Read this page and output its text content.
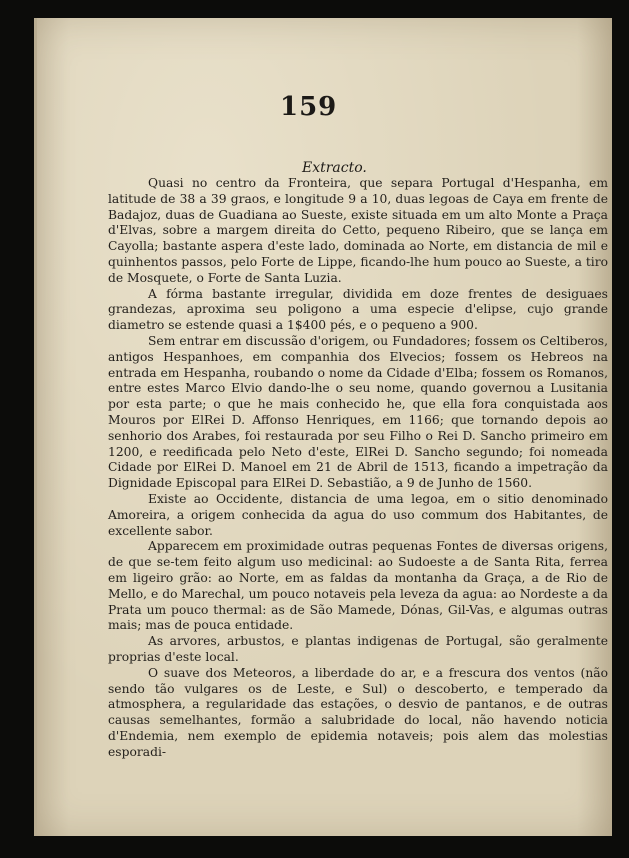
159
Extracto.

Quasi no centro da Fronteira, que separa Portugal d'Hespanha, em latitude de 38 a 39 graos, e longitude 9 a 10, duas legoas de Caya em frente de Badajoz, duas de Guadiana ao Sueste, existe situada em um alto Monte a Praça d'Elvas, sobre a margem direita do Cetto, pequeno Ribeiro, que se lança em Cayolla; bastante aspera d'este lado, dominada ao Norte, em distancia de mil e quinhentos passos, pelo Forte de Lippe, ficando-lhe hum pouco ao Sueste, a tiro de Mosquete, o Forte de Santa Luzia.

A fórma bastante irregular, dividida em doze frentes de desiguaes grandezas, aproxima seu poligono a uma especie d'elipse, cujo grande diametro se estende quasi a 1$400 pés, e o pequeno a 900.

Sem entrar em discussão d'origem, ou Fundadores; fossem os Celtiberos, antigos Hespanhoes, em companhia dos Elvecios; fossem os Hebreos na entrada em Hespanha, roubando o nome da Cidade d'Elba; fossem os Romanos, entre estes Marco Elvio dando-lhe o seu nome, quando governou a Lusitania por esta parte; o que he mais conhecido he, que ella fora conquistada aos Mouros por ElRei D. Affonso Henriques, em 1166; que tornando depois ao senhorio dos Arabes, foi restaurada por seu Filho o Rei D. Sancho primeiro em 1200, e reedificada pelo Neto d'este, ElRei D. Sancho segundo; foi nomeada Cidade por ElRei D. Manoel em 21 de Abril de 1513, ficando a impetração da Dignidade Episcopal para ElRei D. Sebastião, a 9 de Junho de 1560.

Existe ao Occidente, distancia de uma legoa, em o sitio denominado Amoreira, a origem conhecida da agua do uso commum dos Habitantes, de excellente sabor.

Apparecem em proximidade outras pequenas Fontes de diversas origens, de que se-tem feito algum uso medicinal: ao Sudoeste a de Santa Rita, ferrea em ligeiro grão: ao Norte, em as faldas da montanha da Graça, a de Rio de Mello, e do Marechal, um pouco notaveis pela leveza da agua: ao Nordeste a da Prata um pouco thermal: as de São Mamede, Dónas, Gil-Vas, e algumas outras mais; mas de pouca entidade.

As arvores, arbustos, e plantas indigenas de Portugal, são geralmente proprias d'este local.

O suave dos Meteoros, a liberdade do ar, e a frescura dos ventos (não sendo tão vulgares os de Leste, e Sul) o descoberto, e temperado da atmosphera, a regularidade das estações, o desvio de pantanos, e de outras causas semelhantes, formão a salubridade do local, não havendo noticia d'Endemia, nem exemplo de epidemia notaveis; pois alem das molestias esporadi-
